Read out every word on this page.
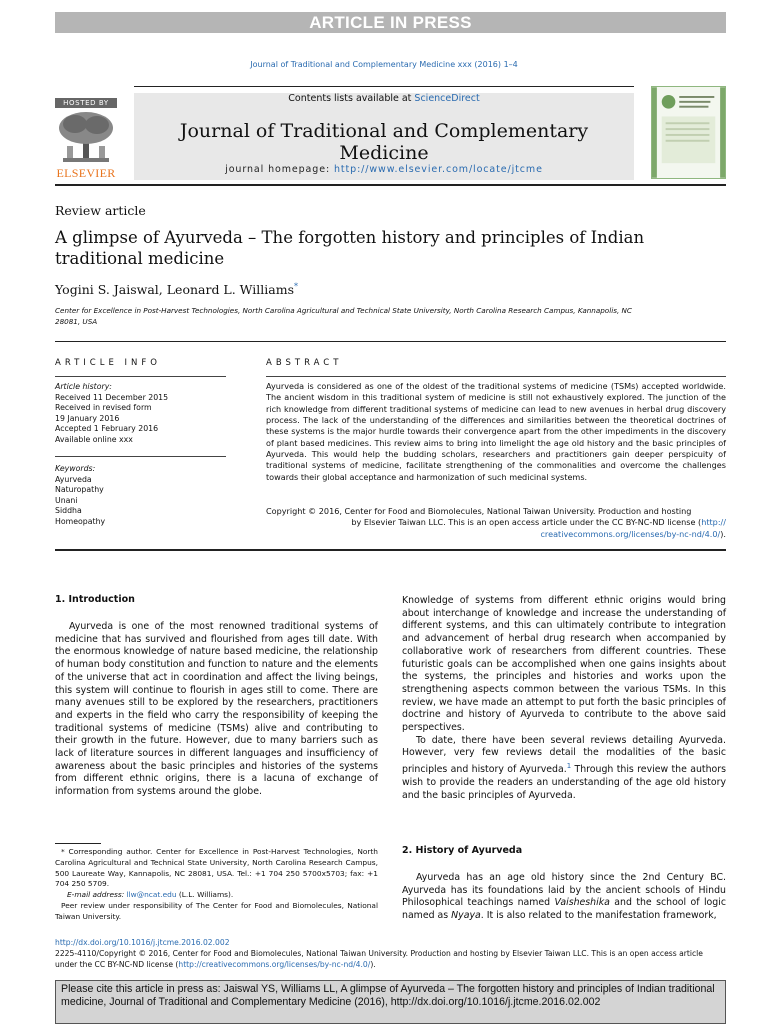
ARTICLE IN PRESS
Journal of Traditional and Complementary Medicine xxx (2016) 1–4
HOSTED BY
ELSEVIER
Contents lists available at ScienceDirect
Journal of Traditional and Complementary Medicine
journal homepage: http://www.elsevier.com/locate/jtcme
Review article
A glimpse of Ayurveda – The forgotten history and principles of Indian traditional medicine
Yogini S. Jaiswal, Leonard L. Williams*
Center for Excellence in Post-Harvest Technologies, North Carolina Agricultural and Technical State University, North Carolina Research Campus, Kannapolis, NC 28081, USA
ARTICLE INFO	ABSTRACT
Article history:
Received 11 December 2015
Received in revised form
19 January 2016
Accepted 1 February 2016
Available online xxx
Keywords:
Ayurveda
Naturopathy
Unani
Siddha
Homeopathy
Ayurveda is considered as one of the oldest of the traditional systems of medicine (TSMs) accepted worldwide. The ancient wisdom in this traditional system of medicine is still not exhaustively explored. The junction of the rich knowledge from different traditional systems of medicine can lead to new avenues in herbal drug discovery process. The lack of the understanding of the differences and similarities between the theoretical doctrines of these systems is the major hurdle towards their convergence apart from the other impediments in the discovery of plant based medicines. This review aims to bring into limelight the age old history and the basic principles of Ayurveda. This would help the budding scholars, researchers and practitioners gain deeper perspicuity of traditional systems of medicine, facilitate strengthening of the commonalities and overcome the challenges towards their global acceptance and harmonization of such medicinal systems.
Copyright © 2016, Center for Food and Biomolecules, National Taiwan University. Production and hosting
by Elsevier Taiwan LLC. This is an open access article under the CC BY-NC-ND license (http://
creativecommons.org/licenses/by-nc-nd/4.0/).
1. Introduction

Ayurveda is one of the most renowned traditional systems of medicine that has survived and flourished from ages till date. With the enormous knowledge of nature based medicine, the relationship of human body constitution and function to nature and the elements of the universe that act in coordination and affect the living beings, this system will continue to flourish in ages still to come. There are many avenues still to be explored by the researchers, practitioners and experts in the field who carry the responsibility of keeping the traditional systems of medicine (TSMs) alive and contributing to their growth in the future. However, due to many barriers such as lack of literature sources in different languages and insufficiency of awareness about the basic principles and histories of the systems from different ethnic origins, there is a lacuna of exchange of information from systems around the globe.

Knowledge of systems from different ethnic origins would bring about interchange of knowledge and increase the understanding of different systems, and this can ultimately contribute to integration and advancement of herbal drug research when accompanied by collaborative work of researchers from different countries. These futuristic goals can be accomplished when one gains insights about the systems, the principles and histories and works upon the strengthening aspects common between the various TSMs. In this review, we have made an attempt to put forth the basic principles of doctrine and history of Ayurveda to contribute to the above said perspectives.

To date, there have been several reviews detailing Ayurveda. However, very few reviews detail the modalities of the basic principles and history of Ayurveda.$^1$ Through this review the authors wish to provide the readers an understanding of the age old history and the basic principles of Ayurveda.

2. History of Ayurveda

Ayurveda has an age old history since the 2nd Century BC. Ayurveda has its foundations laid by the ancient schools of Hindu Philosophical teachings named Vaisheshika and the school of logic named as Nyaya. It is also related to the manifestation framework,

* Corresponding author. Center for Excellence in Post-Harvest Technologies, North Carolina Agricultural and Technical State University, North Carolina Research Campus, 500 Laureate Way, Kannapolis, NC 28081, USA. Tel.: +1 704 250 5700x5703; fax: +1 704 250 5709.

E-mail address: llw@ncat.edu (L.L. Williams).

Peer review under responsibility of The Center for Food and Biomolecules, National Taiwan University.

http://dx.doi.org/10.1016/j.jtcme.2016.02.002
2225-4110/Copyright © 2016, Center for Food and Biomolecules, National Taiwan University. Production and hosting by Elsevier Taiwan LLC. This is an open access article under the CC BY-NC-ND license (http://creativecommons.org/licenses/by-nc-nd/4.0/).
Please cite this article in press as: Jaiswal YS, Williams LL, A glimpse of Ayurveda – The forgotten history and principles of Indian traditional medicine, Journal of Traditional and Complementary Medicine (2016), http://dx.doi.org/10.1016/j.jtcme.2016.02.002
